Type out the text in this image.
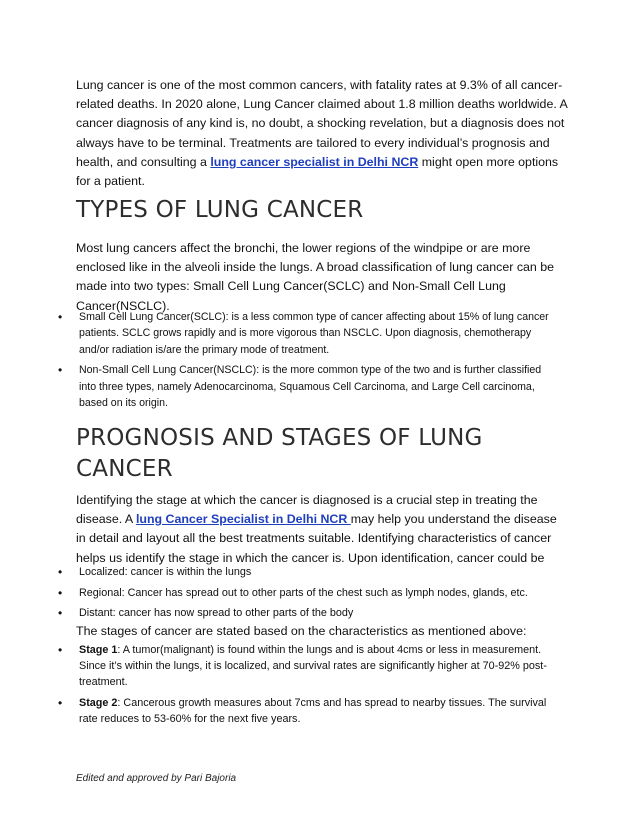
Lung cancer is one of the most common cancers, with fatality rates at 9.3% of all cancer-related deaths. In 2020 alone, Lung Cancer claimed about 1.8 million deaths worldwide. A cancer diagnosis of any kind is, no doubt, a shocking revelation, but a diagnosis does not always have to be terminal. Treatments are tailored to every individual’s prognosis and health, and consulting a lung cancer specialist in Delhi NCR might open more options for a patient.

TYPES OF LUNG CANCER

Most lung cancers affect the bronchi, the lower regions of the windpipe or are more enclosed like in the alveoli inside the lungs. A broad classification of lung cancer can be made into two types: Small Cell Lung Cancer(SCLC) and Non-Small Cell Lung Cancer(NSCLC).

• Small Cell Lung Cancer(SCLC): is a less common type of cancer affecting about 15% of lung cancer patients. SCLC grows rapidly and is more vigorous than NSCLC. Upon diagnosis, chemotherapy and/or radiation is/are the primary mode of treatment.
• Non-Small Cell Lung Cancer(NSCLC): is the more common type of the two and is further classified into three types, namely Adenocarcinoma, Squamous Cell Carcinoma, and Large Cell carcinoma, based on its origin.
PROGNOSIS AND STAGES OF LUNG CANCER

Identifying the stage at which the cancer is diagnosed is a crucial step in treating the disease. A lung Cancer Specialist in Delhi NCR may help you understand the disease in detail and layout all the best treatments suitable. Identifying characteristics of cancer helps us identify the stage in which the cancer is. Upon identification, cancer could be

• Localized: cancer is within the lungs
• Regional: Cancer has spread out to other parts of the chest such as lymph nodes, glands, etc.
• Distant: cancer has now spread to other parts of the body

The stages of cancer are stated based on the characteristics as mentioned above:

• Stage 1: A tumor(malignant) is found within the lungs and is about 4cms or less in measurement. Since it’s within the lungs, it is localized, and survival rates are significantly higher at 70-92% post-treatment.
• Stage 2: Cancerous growth measures about 7cms and has spread to nearby tissues. The survival rate reduces to 53-60% for the next five years.
Edited and approved by Pari Bajoria
